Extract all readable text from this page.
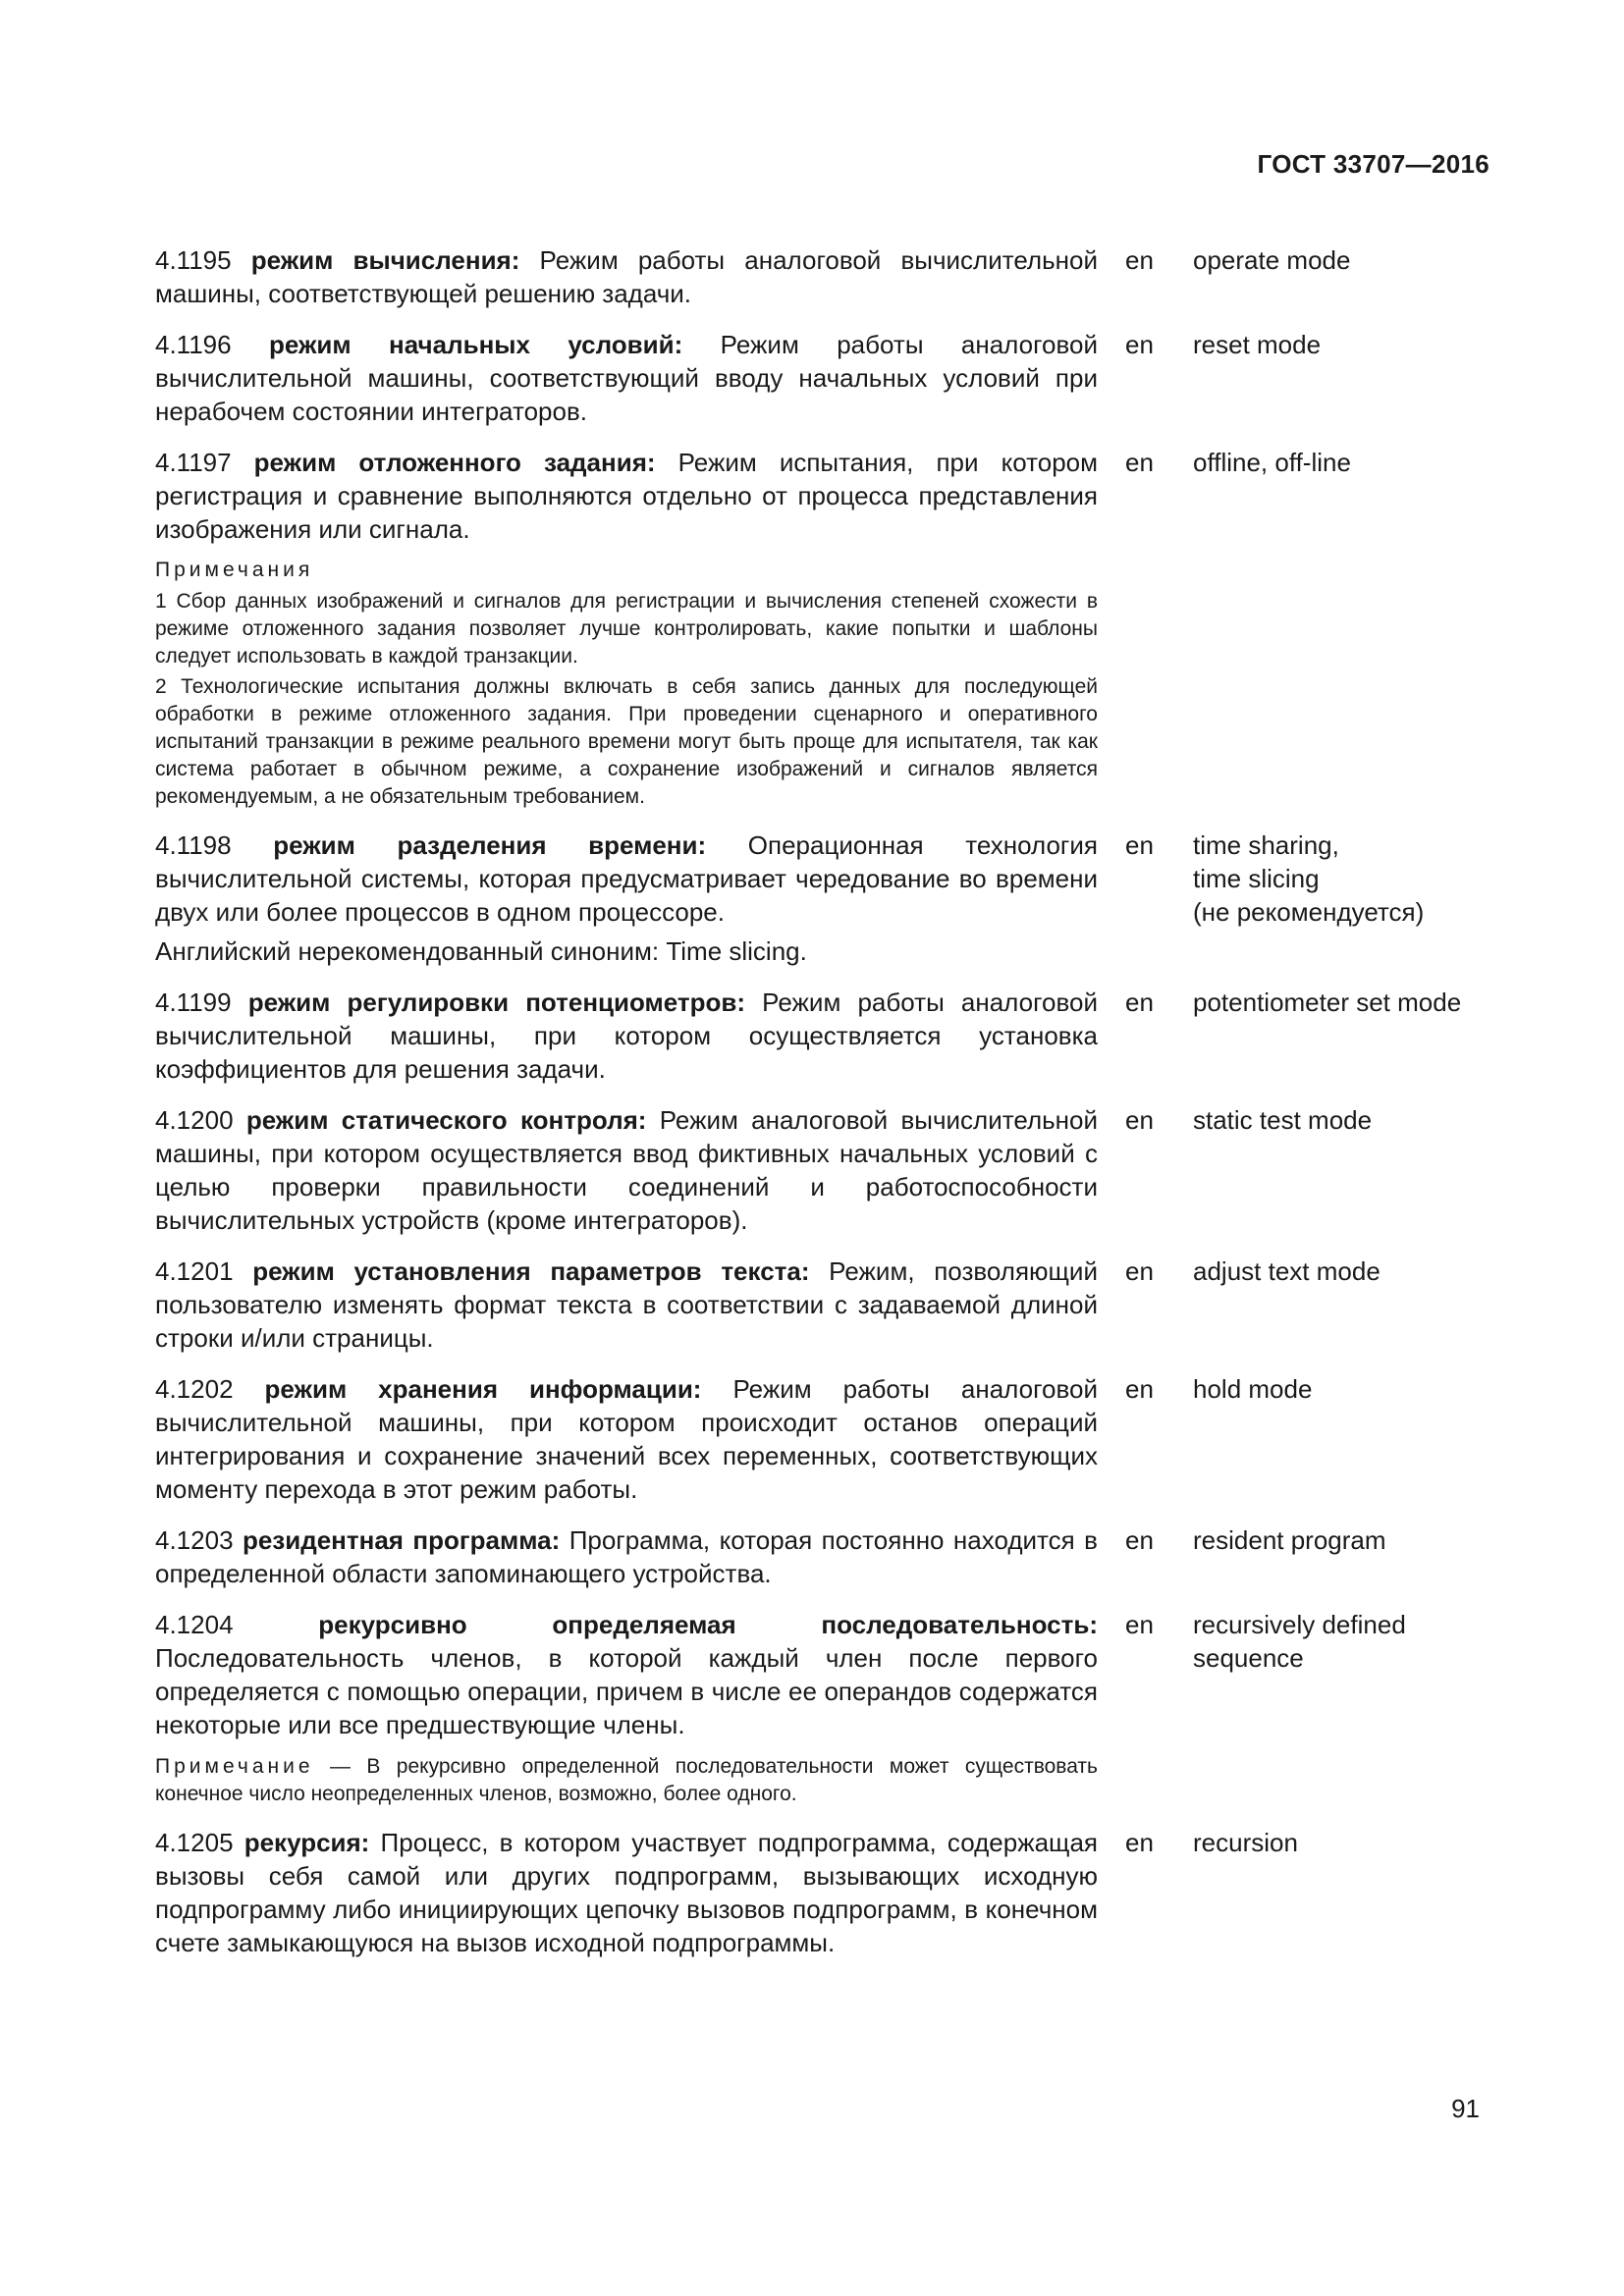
ГОСТ 33707—2016
4.1195 режим вычисления: Режим работы аналоговой вычислительной машины, соответствующей решению задачи.
en	operate mode
4.1196 режим начальных условий: Режим работы аналоговой вычислительной машины, соответствующий вводу начальных условий при нерабочем состоянии интеграторов.
en	reset mode
4.1197 режим отложенного задания: Режим испытания, при котором регистрация и сравнение выполняются отдельно от процесса представления изображения или сигнала.
Примечания
1 Сбор данных изображений и сигналов для регистрации и вычисления степеней схожести в режиме отложенного задания позволяет лучше контролировать, какие попытки и шаблоны следует использовать в каждой транзакции.
2 Технологические испытания должны включать в себя запись данных для последующей обработки в режиме отложенного задания. При проведении сценарного и оперативного испытаний транзакции в режиме реального времени могут быть проще для испытателя, так как система работает в обычном режиме, а сохранение изображений и сигналов является рекомендуемым, а не обязательным требованием.
en	offline, off-line
4.1198 режим разделения времени: Операционная технология вычислительной системы, которая предусматривает чередование во времени двух или более процессов в одном процессоре.
Английский нерекомендованный синоним: Time slicing.
en	time sharing,
time slicing
(не рекомендуется)
4.1199 режим регулировки потенциометров: Режим работы аналоговой вычислительной машины, при котором осуществляется установка коэффициентов для решения задачи.
en	potentiometer set mode
4.1200 режим статического контроля: Режим аналоговой вычислительной машины, при котором осуществляется ввод фиктивных начальных условий с целью проверки правильности соединений и работоспособности вычислительных устройств (кроме интеграторов).
en	static test mode
4.1201 режим установления параметров текста: Режим, позволяющий пользователю изменять формат текста в соответствии с задаваемой длиной строки и/или страницы.
en	adjust text mode
4.1202 режим хранения информации: Режим работы аналоговой вычислительной машины, при котором происходит останов операций интегрирования и сохранение значений всех переменных, соответствующих моменту перехода в этот режим работы.
en	hold mode
4.1203 резидентная программа: Программа, которая постоянно находится в определенной области запоминающего устройства.
en	resident program
4.1204	рекурсивно определяемая последовательность: Последовательность членов, в которой каждый член после первого определяется с помощью операции, причем в числе ее операндов содержатся некоторые или все предшествующие члены.
Примечание — В рекурсивно определенной последовательности может существовать конечное число неопределенных членов, возможно, более одного.
en	recursively defined
sequence
4.1205 рекурсия: Процесс, в котором участвует подпрограмма, содержащая вызовы себя самой или других подпрограмм, вызывающих исходную подпрограмму либо инициирующих цепочку вызовов подпрограмм, в конечном счете замыкающуюся на вызов исходной подпрограммы.
en	recursion
91
